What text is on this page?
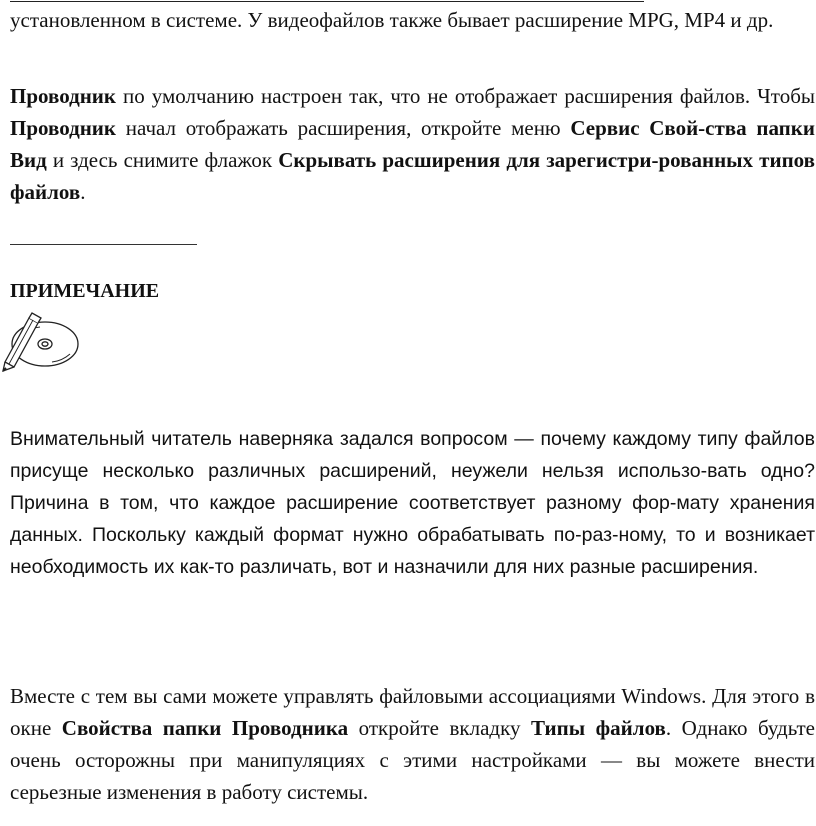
установленном в системе. У видеофайлов также бывает расширение MPG, MP4 и др.

Проводник по умолчанию настроен так, что не отображает расширения файлов. Чтобы Проводник начал отображать расширения, откройте меню Сервис Свой-ства папки Вид и здесь снимите флажок Скрывать расширения для зарегистри-рованных типов файлов.

ПРИМЕЧАНИЕ

Внимательный читатель наверняка задался вопросом — почему каждому типу файлов присуще несколько различных расширений, неужели нельзя использо-вать одно? Причина в том, что каждое расширение соответствует разному фор-мату хранения данных. Поскольку каждый формат нужно обрабатывать по-раз-ному, то и возникает необходимость их как-то различать, вот и назначили для них разные расширения.

Вместе с тем вы сами можете управлять файловыми ассоциациями Windows. Для этого в окне Свойства папки Проводника откройте вкладку Типы файлов. Однако будьте очень осторожны при манипуляциях с этими настройками — вы можете внести серьезные изменения в работу системы.
